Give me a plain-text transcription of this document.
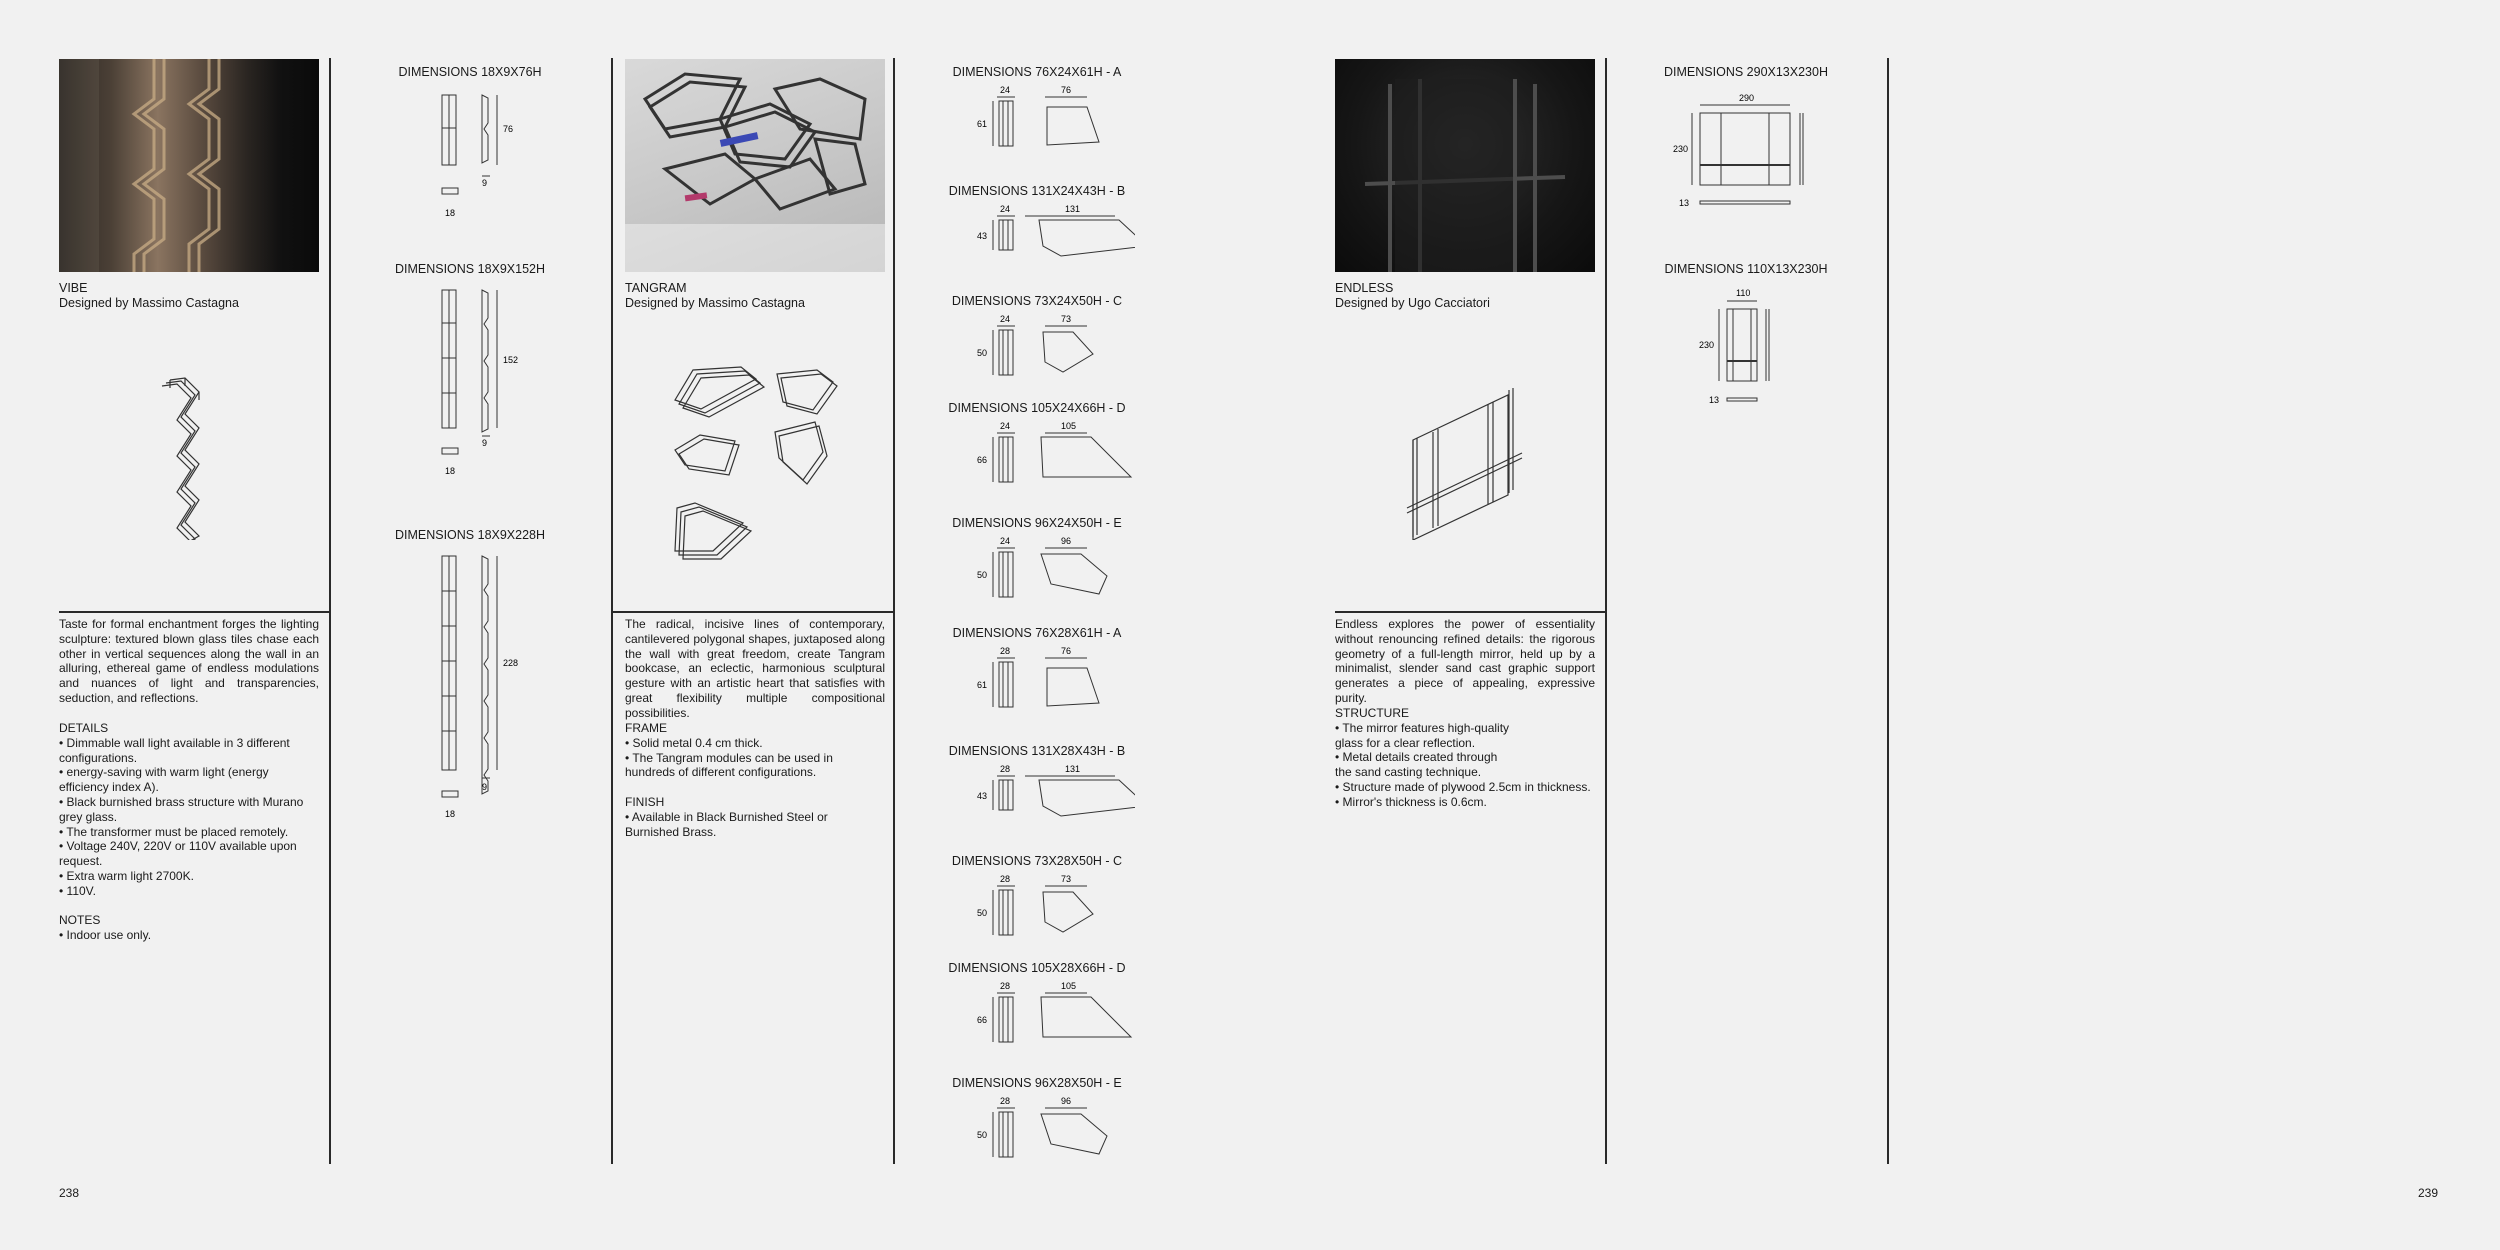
VIBE
Designed by Massimo Castagna

Taste for formal enchantment forges the lighting sculpture: textured blown glass tiles chase each other in vertical sequences along the wall in an alluring, ethereal game of endless modulations and nuances of light and transparencies, seduction, and reflections.

DETAILS

• Dimmable wall light available in 3 different configurations.

• energy-saving with warm light (energy efficiency index A).

• Black burnished brass structure with Murano grey glass.

• The transformer must be placed remotely.

• Voltage 240V, 220V or 110V available upon request.

• Extra warm light 2700K.

• 110V.

NOTES

• Indoor use only.

DIMENSIONS 18X9X76H
76
9
18
DIMENSIONS 18X9X152H
152
9
18
DIMENSIONS 18X9X228H
228
9
18
TANGRAM
Designed by Massimo Castagna

The radical, incisive lines of contemporary, cantilevered polygonal shapes, juxtaposed along the wall with great freedom, create Tangram bookcase, an eclectic, harmonious sculptural gesture with an artistic heart that satisfies with great flexibility multiple compositional possibilities.

FRAME

• Solid metal 0.4 cm thick.

• The Tangram modules can be used in hundreds of different configurations.

FINISH

• Available in Black Burnished Steel or Burnished Brass.

DIMENSIONS 76X24X61H - A
24	76
61
DIMENSIONS 131X24X43H - B
24	131
43
DIMENSIONS 73X24X50H - C
24	73
50
DIMENSIONS 105X24X66H - D
24	105
66
DIMENSIONS 96X24X50H - E
24	96
50
DIMENSIONS 76X28X61H - A
28	76
61
DIMENSIONS 131X28X43H - B
28	131
43
DIMENSIONS 73X28X50H - C
28	73
50
DIMENSIONS 105X28X66H - D
28	105
66
DIMENSIONS 96X28X50H - E
28	96
50
ENDLESS
Designed by Ugo Cacciatori

Endless explores the power of essentiality without renouncing refined details: the rigorous geometry of a full-length mirror, held up by a minimalist, slender sand cast graphic support generates a piece of appealing, expressive purity.

STRUCTURE

• The mirror features high-quality glass for a clear reflection.

• Metal details created through the sand casting technique.

• Structure made of plywood 2.5cm in thickness.

• Mirror's thickness is 0.6cm.

DIMENSIONS 290X13X230H
290
230
13
DIMENSIONS 110X13X230H
110
230
13
238	239
